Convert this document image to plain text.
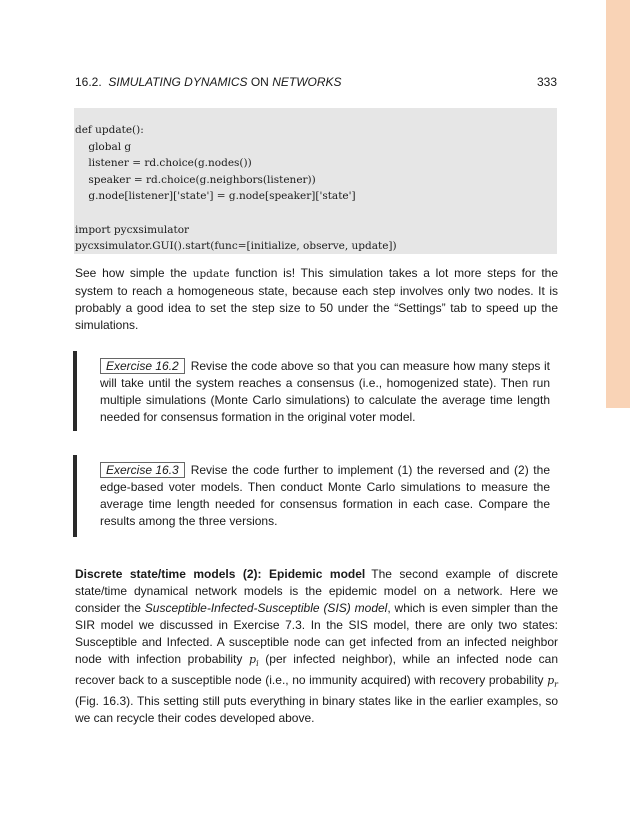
16.2. SIMULATING DYNAMICS ON NETWORKS	333
def update():
global g
listener = rd.choice(g.nodes())
speaker = rd.choice(g.neighbors(listener))
g.node[listener]['state'] = g.node[speaker]['state']

import pycxsimulator
pycxsimulator.GUI().start(func=[initialize, observe, update])
See how simple the update function is! This simulation takes a lot more steps for the system to reach a homogeneous state, because each step involves only two nodes. It is probably a good idea to set the step size to 50 under the “Settings” tab to speed up the simulations.
Exercise 16.2 Revise the code above so that you can measure how many steps it will take until the system reaches a consensus (i.e., homogenized state). Then run multiple simulations (Monte Carlo simulations) to calculate the average time length needed for consensus formation in the original voter model.
Exercise 16.3 Revise the code further to implement (1) the reversed and (2) the edge-based voter models. Then conduct Monte Carlo simulations to measure the average time length needed for consensus formation in each case. Compare the results among the three versions.
Discrete state/time models (2): Epidemic model The second example of discrete state/time dynamical network models is the epidemic model on a network. Here we consider the Susceptible-Infected-Susceptible (SIS) model, which is even simpler than the SIR model we discussed in Exercise 7.3. In the SIS model, there are only two states: Susceptible and Infected. A susceptible node can get infected from an infected neighbor node with infection probability $p_i$ (per infected neighbor), while an infected node can recover back to a susceptible node (i.e., no immunity acquired) with recovery probability $p_r$ (Fig. 16.3). This setting still puts everything in binary states like in the earlier examples, so we can recycle their codes developed above.
